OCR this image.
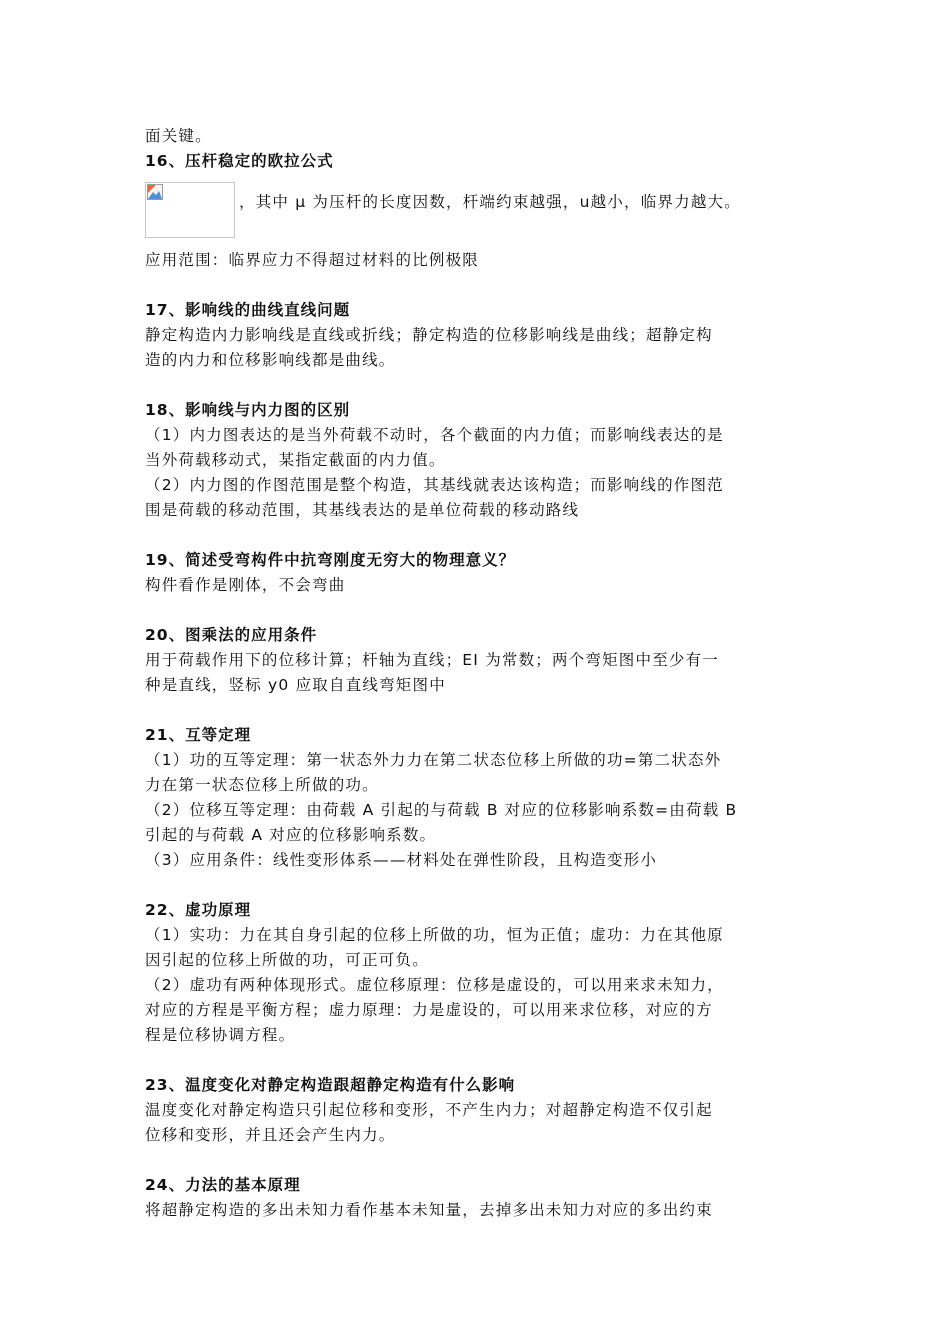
面关键。

16、压杆稳定的欧拉公式

，其中 μ 为压杆的长度因数，杆端约束越强，u越小，临界力越大。

应用范围：临界应力不得超过材料的比例极限

17、影响线的曲线直线问题

静定构造内力影响线是直线或折线；静定构造的位移影响线是曲线；超静定构

造的内力和位移影响线都是曲线。

18、影响线与内力图的区别

（1）内力图表达的是当外荷载不动时，各个截面的内力值；而影响线表达的是

当外荷载移动式，某指定截面的内力值。

（2）内力图的作图范围是整个构造，其基线就表达该构造；而影响线的作图范

围是荷载的移动范围，其基线表达的是单位荷载的移动路线

19、简述受弯构件中抗弯刚度无穷大的物理意义？

构件看作是刚体，不会弯曲

20、图乘法的应用条件

用于荷载作用下的位移计算；杆轴为直线；EI 为常数；两个弯矩图中至少有一

种是直线，竖标 y0 应取自直线弯矩图中

21、互等定理

（1）功的互等定理：第一状态外力力在第二状态位移上所做的功=第二状态外

力在第一状态位移上所做的功。

（2）位移互等定理：由荷载 A 引起的与荷载 B 对应的位移影响系数=由荷载 B

引起的与荷载 A 对应的位移影响系数。

（3）应用条件：线性变形体系——材料处在弹性阶段，且构造变形小

22、虚功原理

（1）实功：力在其自身引起的位移上所做的功，恒为正值；虚功：力在其他原

因引起的位移上所做的功，可正可负。

（2）虚功有两种体现形式。虚位移原理：位移是虚设的，可以用来求未知力，

对应的方程是平衡方程；虚力原理：力是虚设的，可以用来求位移，对应的方

程是位移协调方程。

23、温度变化对静定构造跟超静定构造有什么影响

温度变化对静定构造只引起位移和变形，不产生内力；对超静定构造不仅引起

位移和变形，并且还会产生内力。

24、力法的基本原理

将超静定构造的多出未知力看作基本未知量，去掉多出未知力对应的多出约束
